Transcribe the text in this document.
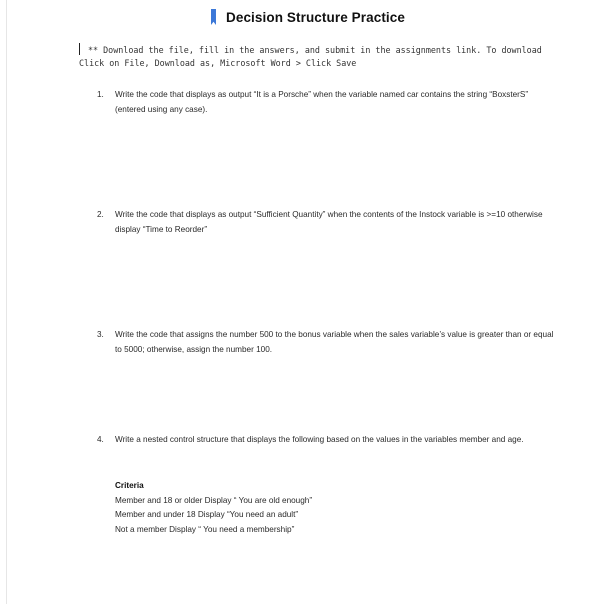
Decision Structure Practice
** Download the file, fill in the answers, and submit in the assignments link. To download Click on File, Download as, Microsoft Word > Click Save
1.	Write the code that displays as output “It is a Porsche” when the variable named car contains the string “BoxsterS” (entered using any case).
2.	Write the code that displays as output “Sufficient Quantity” when the contents of the Instock variable is >=10 otherwise display “Time to Reorder”
3.	Write the code that assigns the number 500 to the bonus variable when the sales variable’s value is greater than or equal to 5000; otherwise, assign the number 100.
4.	Write a nested control structure that displays the following based on the values in the variables member and age.
Criteria
Member and 18 or older Display “ You are old enough”
Member and under 18 Display “You need an adult”
Not a member Display “ You need a membership”
